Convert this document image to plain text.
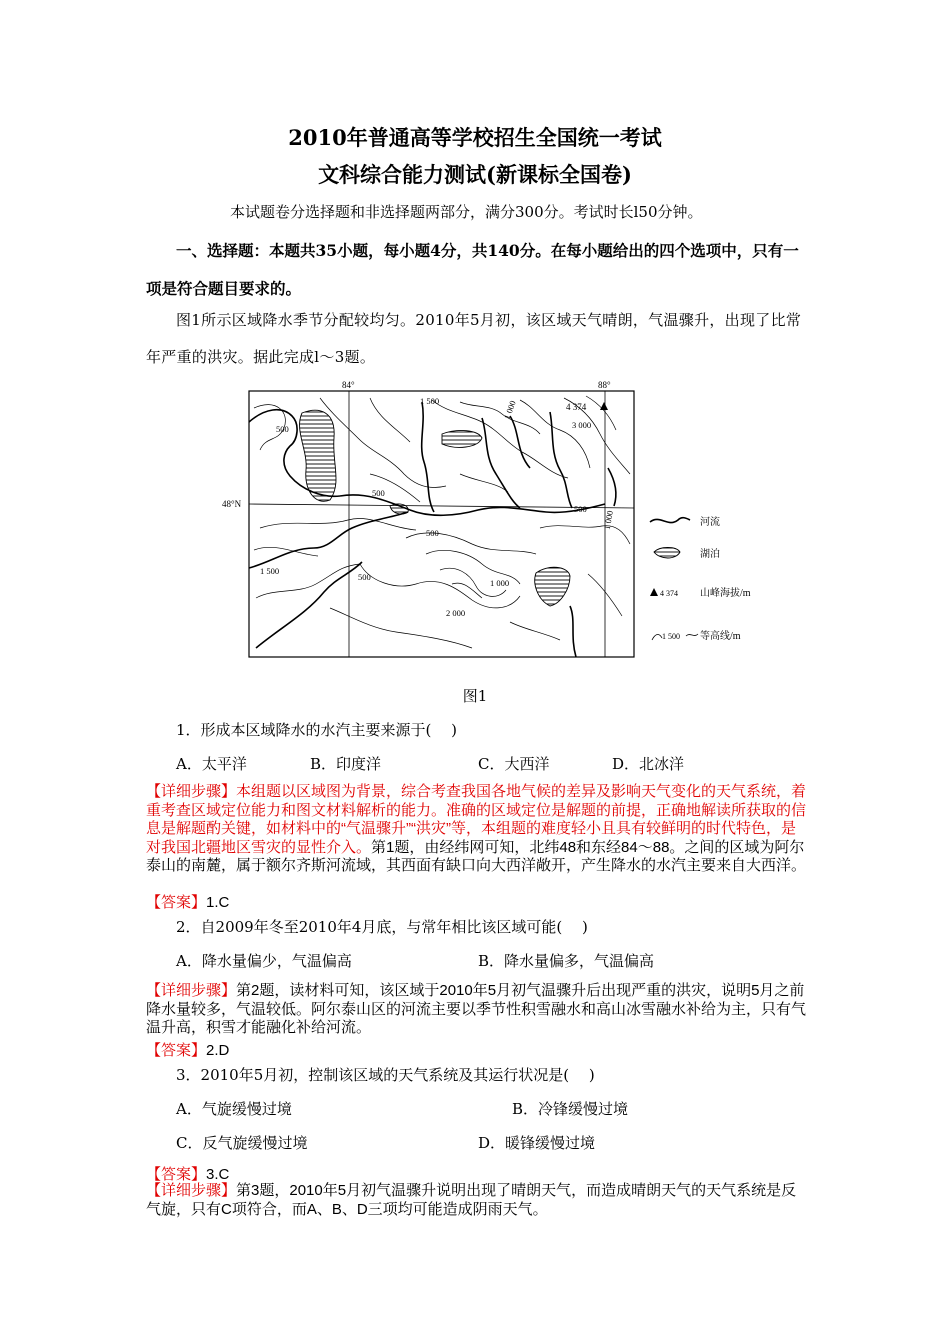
2010年普通高等学校招生全国统一考试
文科综合能力测试(新课标全国卷)
本试题卷分选择题和非选择题两部分，满分300分。考试时长l50分钟。
一、选择题：本题共35小题，每小题4分，共140分。在每小题给出的四个选项中，只有一项是符合题目要求的。
图1所示区域降水季节分配较均匀。2010年5月初，该区域天气晴朗，气温骤升，出现了比常年严重的洪灾。据此完成l～3题。
84°	88°
48°N
500
1 500	1 000
3 000
500
500
500
1 500
500
1 000
2 000
1 000
4 374
河流
湖泊
4 374 山峰海拔/m
1 500 等高线/m
图1
1．形成本区域降水的水汽主要来源于(　 )
A．太平洋	B．印度洋	C．大西洋	D．北冰洋
【详细步骤】本组题以区域图为背景，综合考查我国各地气候的差异及影响天气变化的天气系统，着重考查区域定位能力和图文材料解析的能力。准确的区域定位是解题的前提，正确地解读所获取的信息是解题酌关键，如材料中的“气温骤升”“洪灾”等，本组题的难度轻小且具有较鲜明的时代特色，是对我国北疆地区雪灾的显性介入。第1题，由经纬网可知，北纬48和东经84～88。之间的区域为阿尔泰山的南麓，属于额尔齐斯河流域，其西面有缺口向大西洋敞开，产生降水的水汽主要来自大西洋。
【答案】1.C
2．自2009年冬至2010年4月底，与常年相比该区域可能(　 )
A．降水量偏少，气温偏高	B．降水量偏多，气温偏高
【详细步骤】第2题，读材料可知，该区域于2010年5月初气温骤升后出现严重的洪灾，说明5月之前降水量较多，气温较低。阿尔泰山区的河流主要以季节性积雪融水和高山冰雪融水补给为主，只有气温升高，积雪才能融化补给河流。
【答案】2.D
3．2010年5月初，控制该区域的天气系统及其运行状况是(　 )
A．气旋缓慢过境	B．冷锋缓慢过境
C．反气旋缓慢过境	D．暖锋缓慢过境
【答案】3.C
【详细步骤】第3题，2010年5月初气温骤升说明出现了晴朗天气，而造成晴朗天气的天气系统是反气旋，只有C项符合，而A、B、D三项均可能造成阴雨天气。
